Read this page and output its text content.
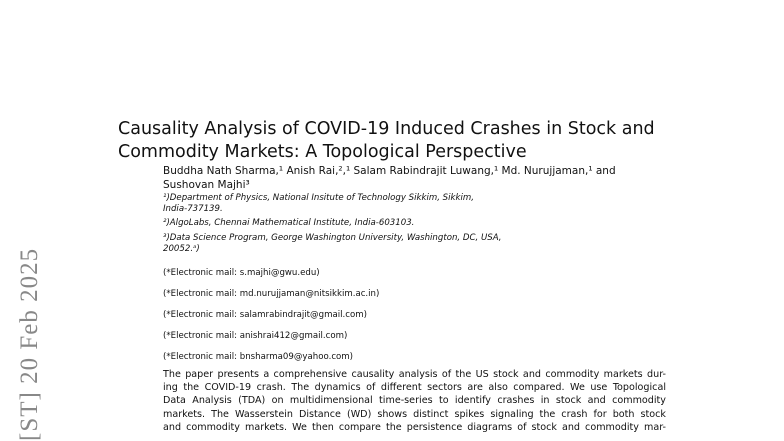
Causality Analysis of COVID-19 Induced Crashes in Stock and
Commodity Markets: A Topological Perspective
Buddha Nath Sharma,¹ Anish Rai,²,¹ Salam Rabindrajit Luwang,¹ Md. Nurujjaman,¹ and
Sushovan Majhi³
¹)Department of Physics, National Insitute of Technology Sikkim, Sikkim,
India-737139.
²)AlgoLabs, Chennai Mathematical Institute, India-603103.
³)Data Science Program, George Washington University, Washington, DC, USA,
20052.ᵃ)
(*Electronic mail: s.majhi@gwu.edu)
(*Electronic mail: md.nurujjaman@nitsikkim.ac.in)
(*Electronic mail: salamrabindrajit@gmail.com)
(*Electronic mail: anishrai412@gmail.com)
(*Electronic mail: bnsharma09@yahoo.com)
The paper presents a comprehensive causality analysis of the US stock and commodity markets dur-
ing the COVID-19 crash. The dynamics of different sectors are also compared. We use Topological
Data Analysis (TDA) on multidimensional time-series to identify crashes in stock and commodity
markets. The Wasserstein Distance (WD) shows distinct spikes signaling the crash for both stock
and commodity markets. We then compare the persistence diagrams of stock and commodity mar-
[ST] 20 Feb 2025
